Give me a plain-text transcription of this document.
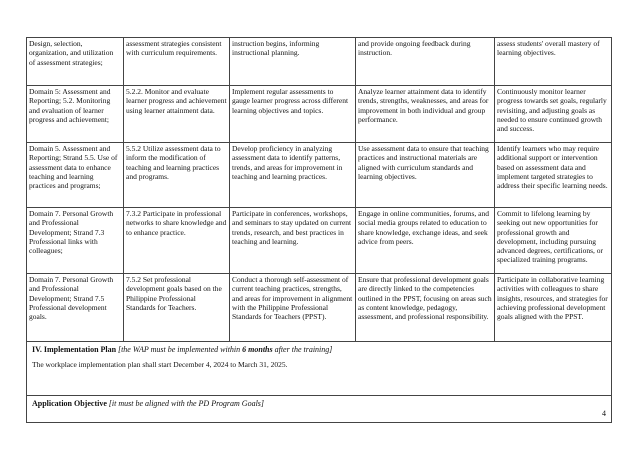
Design, selection, organization, and utilization of assessment strategies;	assessment strategies consistent with curriculum requirements.	instruction begins, informing instructional planning.	and provide ongoing feedback during instruction.	assess students' overall mastery of learning objectives.
Domain 5: Assessment and Reporting; 5.2. Monitoring and evaluation of learner progress and achievement;	5.2.2. Monitor and evaluate learner progress and achievement using learner attainment data.	Implement regular assessments to gauge learner progress across different learning objectives and topics.	Analyze learner attainment data to identify trends, strengths, weaknesses, and areas for improvement in both individual and group performance.	Continuously monitor learner progress towards set goals, regularly revisiting, and adjusting goals as needed to ensure continued growth and success.
Domain 5. Assessment and Reporting; Strand 5.5. Use of assessment data to enhance teaching and learning practices and programs;	5.5.2 Utilize assessment data to inform the modification of teaching and learning practices and programs.	Develop proficiency in analyzing assessment data to identify patterns, trends, and areas for improvement in teaching and learning practices.	Use assessment data to ensure that teaching practices and instructional materials are aligned with curriculum standards and learning objectives.	Identify learners who may require additional support or intervention based on assessment data and implement targeted strategies to address their specific learning needs.
Domain 7. Personal Growth and Professional Development; Strand 7.3 Professional links with colleagues;	7.3.2 Participate in professional networks to share knowledge and to enhance practice.	Participate in conferences, workshops, and seminars to stay updated on current trends, research, and best practices in teaching and learning.	Engage in online communities, forums, and social media groups related to education to share knowledge, exchange ideas, and seek advice from peers.	Commit to lifelong learning by seeking out new opportunities for professional growth and development, including pursuing advanced degrees, certifications, or specialized training programs.
Domain 7. Personal Growth and Professional Development; Strand 7.5 Professional development goals.	7.5.2 Set professional development goals based on the Philippine Professional Standards for Teachers.	Conduct a thorough self-assessment of current teaching practices, strengths, and areas for improvement in alignment with the Philippine Professional Standards for Teachers (PPST).	Ensure that professional development goals are directly linked to the competencies outlined in the PPST, focusing on areas such as content knowledge, pedagogy, assessment, and professional responsibility.	Participate in collaborative learning activities with colleagues to share insights, resources, and strategies for achieving professional development goals aligned with the PPST.
IV. Implementation Plan [the WAP must be implemented within 6 months after the training]
The workplace implementation plan shall start December 4, 2024 to March 31, 2025.				

Application Objective [it must be aligned with the PD Program Goals]				
4
